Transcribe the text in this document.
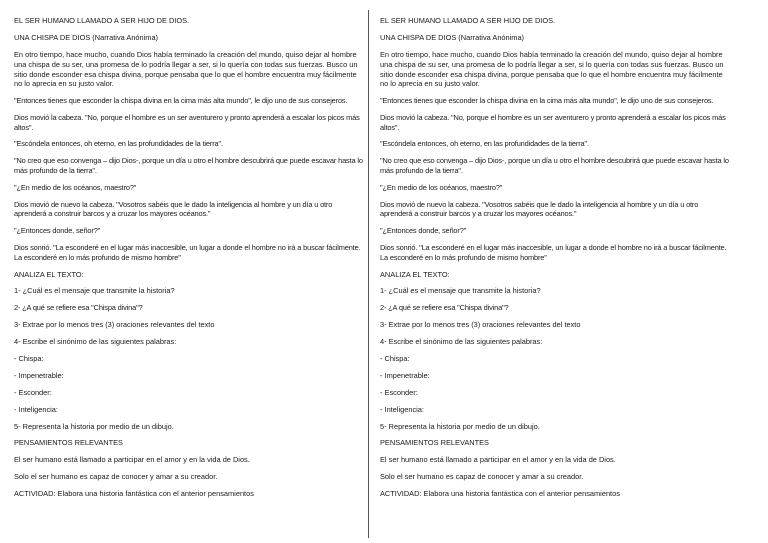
EL SER HUMANO LLAMADO A SER HIJO DE DIOS.

UNA CHISPA DE DIOS (Narrativa Anónima)

En otro tiempo, hace mucho, cuando Dios había terminado la creación del mundo, quiso dejar al hombre una chispa de su ser, una promesa de lo podría llegar a ser, si lo quería con todas sus fuerzas. Busco un sitio donde esconder esa chispa divina, porque pensaba que lo que el hombre encuentra muy fácilmente no lo aprecia en su justo valor.

"Entonces tienes que esconder la chispa divina en la cima más alta mundo", le dijo uno de sus consejeros.

Dios movió la cabeza. "No, porque el hombre es un ser aventurero y pronto aprenderá a escalar los picos más altos".

"Escóndela entonces, oh eterno, en las profundidades de la tierra".

"No creo que eso convenga – dijo Dios-, porque un día u otro el hombre descubrirá que puede escavar hasta lo más profundo de la tierra".

"¿En medio de los océanos, maestro?"

Dios movió de nuevo la cabeza. "Vosotros sabéis que le dado la inteligencia al hombre y un día u otro aprenderá a construir barcos y a cruzar los mayores océanos."

"¿Entonces donde, señor?"

Dios sonrió. "La esconderé en el lugar más inaccesible, un lugar a donde el hombre no irá a buscar fácilmente. La esconderé en lo más profundo de mismo hombre"

ANALIZA EL TEXTO:

1- ¿Cuál es el mensaje que transmite la historia?

2- ¿A qué se refiere esa "Chispa divina"?

3- Extrae por lo menos tres (3) oraciones relevantes del texto

4- Escribe el sinónimo de las siguientes palabras:

- Chispa:

- Impenetrable:

- Esconder:

- Inteligencia:

5- Representa la historia por medio de un dibujo.

PENSAMIENTOS RELEVANTES

El ser humano está llamado a participar en el amor y en la vida de Dios.

Solo el ser humano es capaz de conocer y amar a su creador.

ACTIVIDAD: Elabora una historia fantástica con el anterior pensamientos

EL SER HUMANO LLAMADO A SER HIJO DE DIOS.

UNA CHISPA DE DIOS (Narrativa Anónima)

En otro tiempo, hace mucho, cuando Dios había terminado la creación del mundo, quiso dejar al hombre una chispa de su ser, una promesa de lo podría llegar a ser, si lo quería con todas sus fuerzas. Busco un sitio donde esconder esa chispa divina, porque pensaba que lo que el hombre encuentra muy fácilmente no lo aprecia en su justo valor.

"Entonces tienes que esconder la chispa divina en la cima más alta mundo", le dijo uno de sus consejeros.

Dios movió la cabeza. "No, porque el hombre es un ser aventurero y pronto aprenderá a escalar los picos más altos".

"Escóndela entonces, oh eterno, en las profundidades de la tierra".

"No creo que eso convenga – dijo Dios-, porque un día u otro el hombre descubrirá que puede escavar hasta lo más profundo de la tierra".

"¿En medio de los océanos, maestro?"

Dios movió de nuevo la cabeza. "Vosotros sabéis que le dado la inteligencia al hombre y un día u otro aprenderá a construir barcos y a cruzar los mayores océanos."

"¿Entonces donde, señor?"

Dios sonrió. "La esconderé en el lugar más inaccesible, un lugar a donde el hombre no irá a buscar fácilmente. La esconderé en lo más profundo de mismo hombre"

ANALIZA EL TEXTO:

1- ¿Cuál es el mensaje que transmite la historia?

2- ¿A qué se refiere esa "Chispa divina"?

3- Extrae por lo menos tres (3) oraciones relevantes del texto

4- Escribe el sinónimo de las siguientes palabras:

- Chispa:

- Impenetrable:

- Esconder:

- Inteligencia:

5- Representa la historia por medio de un dibujo.

PENSAMIENTOS RELEVANTES

El ser humano está llamado a participar en el amor y en la vida de Dios.

Solo el ser humano es capaz de conocer y amar a su creador.

ACTIVIDAD: Elabora una historia fantástica con el anterior pensamientos
